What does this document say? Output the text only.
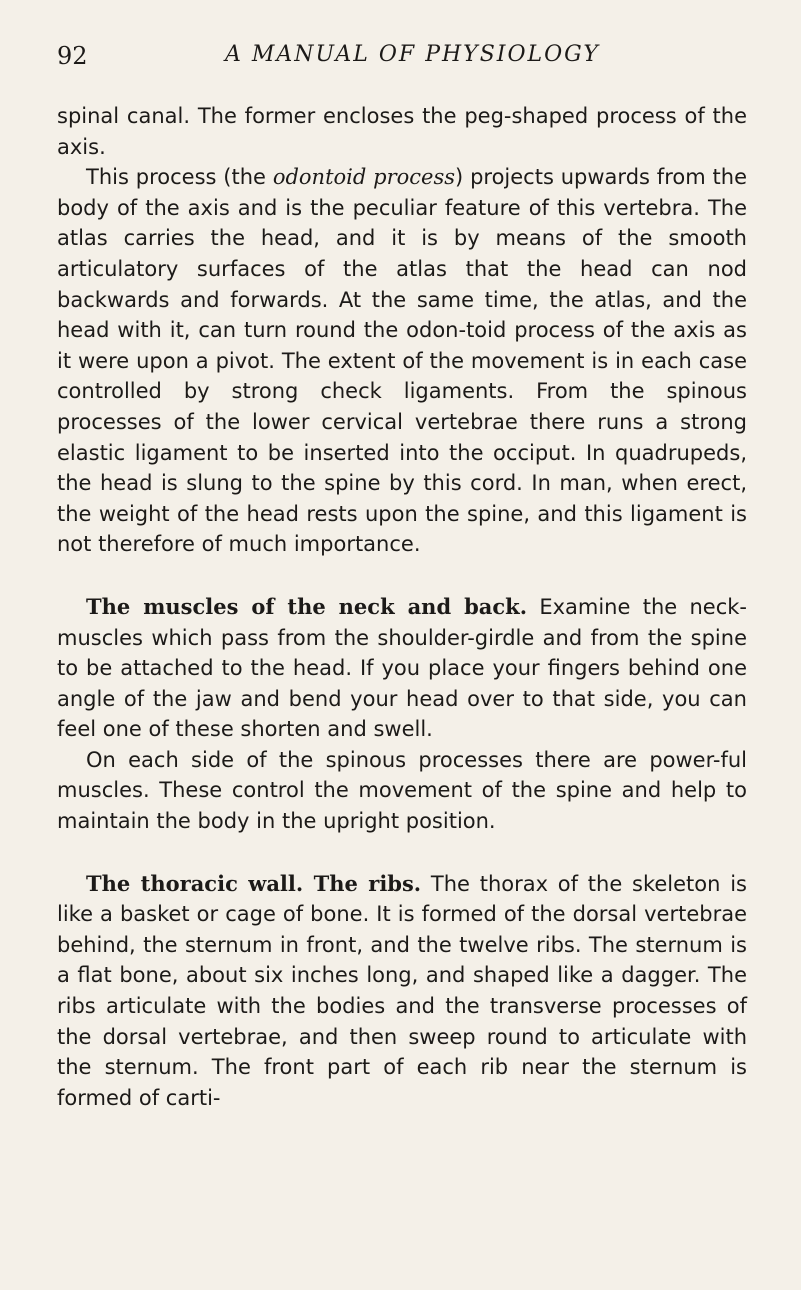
92	A MANUAL OF PHYSIOLOGY

spinal canal. The former encloses the peg-shaped process of the axis.

This process (the odontoid process) projects upwards from the body of the axis and is the peculiar feature of this vertebra. The atlas carries the head, and it is by means of the smooth articulatory surfaces of the atlas that the head can nod backwards and forwards. At the same time, the atlas, and the head with it, can turn round the odon-toid process of the axis as it were upon a pivot. The extent of the movement is in each case controlled by strong check ligaments. From the spinous processes of the lower cervical vertebrae there runs a strong elastic ligament to be inserted into the occiput. In quadrupeds, the head is slung to the spine by this cord. In man, when erect, the weight of the head rests upon the spine, and this ligament is not therefore of much importance.

The muscles of the neck and back. Examine the neck-muscles which pass from the shoulder-girdle and from the spine to be attached to the head. If you place your fingers behind one angle of the jaw and bend your head over to that side, you can feel one of these shorten and swell.

On each side of the spinous processes there are power-ful muscles. These control the movement of the spine and help to maintain the body in the upright position.

The thoracic wall. The ribs. The thorax of the skeleton is like a basket or cage of bone. It is formed of the dorsal vertebrae behind, the sternum in front, and the twelve ribs. The sternum is a flat bone, about six inches long, and shaped like a dagger. The ribs articulate with the bodies and the transverse processes of the dorsal vertebrae, and then sweep round to articulate with the sternum. The front part of each rib near the sternum is formed of carti-
